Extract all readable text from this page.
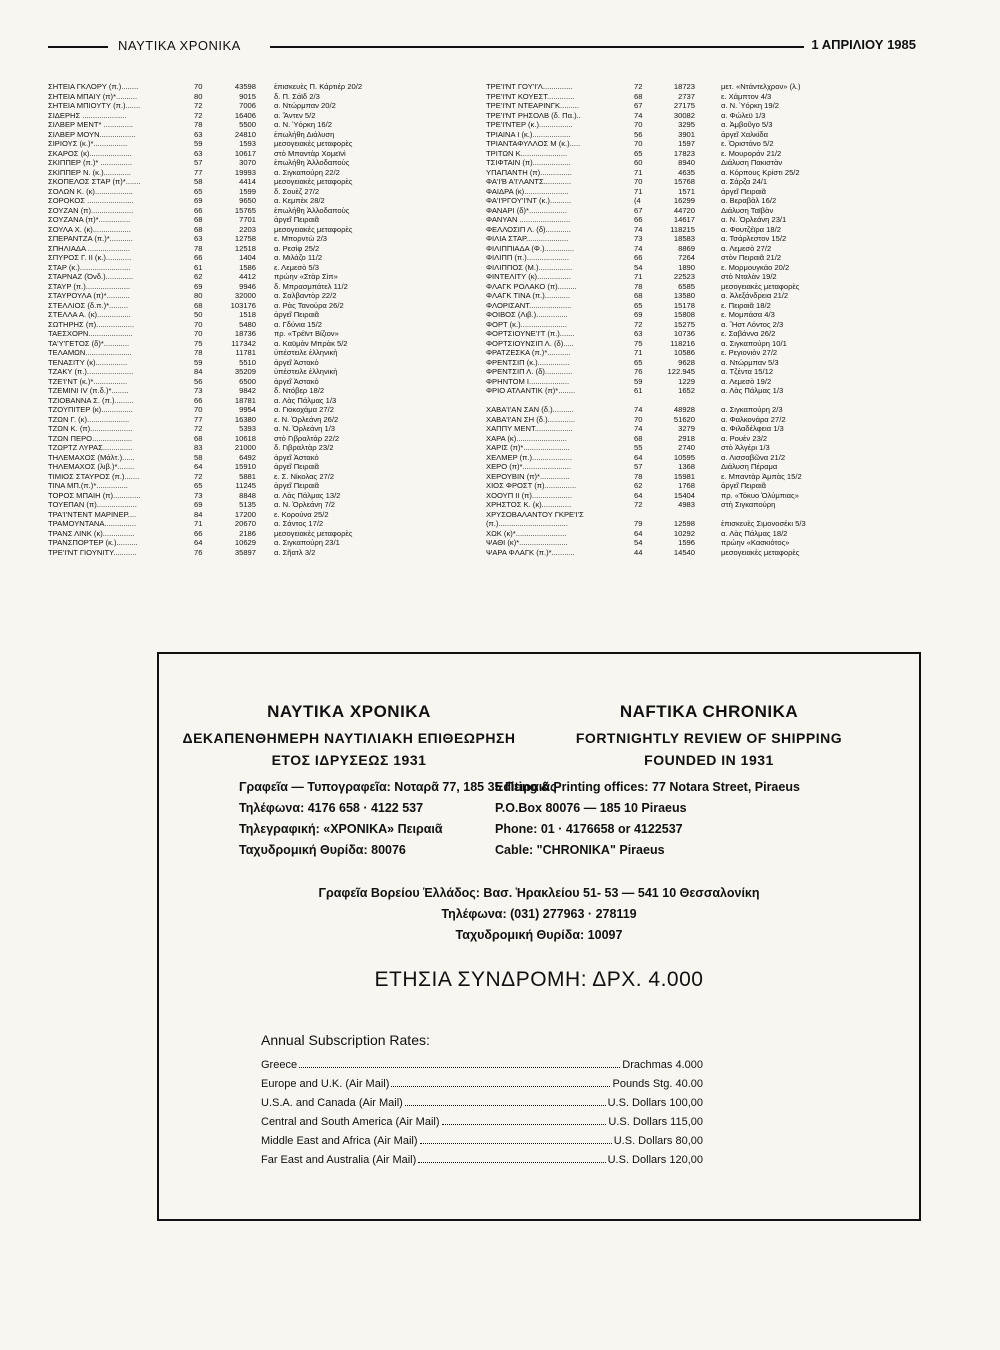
ΝΑΥΤΙΚΑ ΧΡΟΝΙΚΑ	1 ΑΠΡΙΛΙΟΥ 1985
ΣΗΤΕΙΑ ΓΚΛΟΡΥ (π.)........	70	43598 ἐπισκευὲς Π. Κάρτιέρ 20/2
ΣΗΤΕΙΑ ΜΠΑΙΥ (π)*..........	80	9015 δ. Π. Σάϊδ 2/3
ΣΗΤΕΙΑ ΜΠΙΟΥΤΥ (π.).......	72	7006 α. Ντώρμπαν 20/2
ΣΙΔΕΡΗΣ .....................	72	16406 α. Ἄντεν 5/2
ΣΙΛΒΕΡ ΜΕΝΤ* ..............	78	5500 α. Ν. Ὑόρκη 16/2
ΣΙΛΒΕΡ ΜΟΥΝ.................	63	24810 ἐπωλήθη Διάλυση
ΣΙΡΙΟΥΣ (κ.)*................	59	1593 μεσογειακὲς μεταφορὲς
ΣΚΑΡΟΣ (κ)....................	63	10617 στὸ Μπαντὰρ Χομεϊνὶ
ΣΚΙΠΠΕΡ (π.)* ...............	57	3070 ἐπωλήθη Ἀλλοδαποὺς
ΣΚΙΠΠΕΡ Ν. (κ.).............	77	19993 α. Σιγκαπούρη 22/2
ΣΚΟΠΕΛΟΣ ΣΤΑΡ (π)*.......	58	4414 μεσογειακὲς μεταφορὲς
ΣΟΛΩΝ Κ. (κ)..................	65	1599 δ. Σουὲζ 27/2
ΣΟΡΟΚΟΣ ......................	69	9650 α. Κεμπὲκ 28/2
ΣΟΥΖΑΝ (π)....................	66	15765 ἐπωλήθη Ἀλλοδαποὺς
ΣΟΥΖΑΝΑ (π)*...............	68	7701 ἀργεῖ Πειραιᾶ
ΣΟΥΛΑ Χ. (κ)..................	68	2203 μεσογειακὲς μεταφορὲς
ΣΠΕΡΑΝΤΖΑ (π.)*...........	63	12758 ε. Μπορντὼ 2/3
ΣΠΗΛΙΑΔΑ ....................	78	12518 α. Ρεσὶφ 25/2
ΣΠΥΡΟΣ Γ. ΙΙ (κ.)............	66	1404 α. Μιλάζο 11/2
ΣΤΑΡ (κ.)........................	61	1586 ε. Λεμεσὸ 5/3
ΣΤΑΡΝΑΖ (Ὀνδ.).............	62	4412 πρώην «Στὰρ Σὶπ»
ΣΤΑΥΡ (π.).....................	69	9946 δ. Μπρασμπάτελ 11/2
ΣΤΑΥΡΟΥΛΑ (π)*...........	80	32000 α. Σαλβαντὸρ 22/2
ΣΤΕΛΛΙΟΣ (δ.π.)*.........	68	103176 α. Ρὰς Τανούρα 26/2
ΣΤΕΛΛΑ Α. (κ)................	50	1518 ἀργεῖ Πειραιᾶ
ΣΩΤΗΡΗΣ (π)..................	70	5480 α. Γδύνια 15/2
ΤΑΕΣΧΟΡΝ.....................	70	18736 πρ. «Τρέϊντ Βίζιον»
ΤΑ'Υ'ΓΕΤΟΣ (δ)*............	75	117342 α. Καϋμὰν Μπρὰκ 5/2
ΤΕΛΑΜΩΝ......................	78	11781 ὑπέστειλε ἑλληνικὴ
ΤΕΝΑΣΙΤΥ (κ)...............	59	5510 ἀργεῖ Ἀστακὸ
ΤΖΑΚΥ (π.)......................	84	35209 ὑπέστειλε ἑλληνικὴ
ΤΖΕ'Ι'ΝΤ (κ.)*................	56	6500 ἀργεῖ Ἀστακὸ
ΤΖΕΜΙΝΙ ΙV (π.δ.)*........	73	9842 δ. Ντόβερ 18/2
ΤΖΙΟΒΑΝΝΑ Σ. (π.).........	66	18781 α. Λὰς Πάλμας 1/3
ΤΖΟΥΠΙΤΕΡ (κ)...............	70	9954 α. Γιοκοχάμα 27/2
ΤΖΩΝ Γ. (κ)....................	77	16380 ε. Ν. Ὀρλεάνη 26/2
ΤΖΩΝ Κ. (π)....................	72	5393 α. Ν. Ὀρλεάνη 1/3
ΤΖΩΝ ΠΕΡΟ...................	68	10618 στὸ Γιβραλτὰρ 22/2
ΤΖΩΡΤΖ ΛΥΡΑΣ..............	83	21000 δ. Γιβραλτὰρ 23/2
ΤΗΛΕΜΑΧΟΣ (Μάλτ.)......	58	6492 ἀργεῖ Ἀστακὸ
ΤΗΛΕΜΑΧΟΣ (λιβ.)*........	64	15910 ἀργεῖ Πειραιᾶ
ΤΙΜΙΟΣ ΣΤΑΥΡΟΣ (π.).......	72	5881 ε. Σ. Νίκολας 27/2
ΤΙΝΑ ΜΠ.(π.)*...............	65	11245 ἀργεῖ Πειραιᾶ
ΤΟΡΟΣ ΜΠΑΙΗ (π).............	73	8848 α. Λὰς Πάλμας 13/2
ΤΟΥΕΠΑΝ (π)...................	69	5135 α. Ν. Ὀρλεάνη 7/2
ΤΡΑ'Ι'ΝΤΕΝΤ ΜΑΡΙΝΕΡ....	84	17200 ε. Κορούνα 25/2
ΤΡΑΜΟΥΝΤΑΝΑ...............	71	20670 α. Σάντος 17/2
ΤΡΑΝΣ ΛΙΝΚ (κ)...............	66	2186 μεσογειακὲς μεταφορὲς
ΤΡΑΝΣΠΟΡΤΕΡ (κ.)..........	64	10629 α. Σιγκαπούρη 23/1
ΤΡΕ'Ι'ΝΤ ΓΙΟΥΝΙΤΥ...........	76	35897 α. Σῆατλ 3/2
ΤΡΕ'Ι'ΝΤ ΓΟΥ'Ι'Λ..............	72	18723	μετ. «Ντάντελχρον» (λ.)
ΤΡΕ'Ι'ΝΤ ΚΟΥΕΣΤ.............	68	2737	ε. Χάμπτον 4/3
ΤΡΕ'Ι'ΝΤ ΝΤΕΑΡΙΝΓΚ.........	67	27175	α. Ν. Ὑόρκη 19/2
ΤΡΕ'Ι'ΝΤ ΡΗΣΟΛΒ (δ. Πα.)..	74	30082	α. Φώλεϋ 1/3
ΤΡΕ'Ι'ΝΤΕΡ (κ.)................	70	3295	α. Ἀμβοῦγο 5/3
ΤΡΙΑΙΝΑ Ι (κ.)..................	56	3901	ἀργεῖ Χαλκίδα
ΤΡΙΑΝΤΑΦΥΛΛΟΣ Μ (κ.).....	70	1597	ε. Ὀριστάνο 5/2
ΤΡΙΤΩΝ Κ......................	65	17823	ε. Μουροράν 21/2
ΤΣΙΦΤΑΙΝ (π)..................	60	8940	Διάλυση Πακιστὰν
ΥΠΑΠΑΝΤΗ (π)...............	71	4635	α. Κόρπους Κρίστι 25/2
ΦΑ'Ι'Β Α'Ι'ΛΑΝΤΣ.............	70	15768	α. Σάρζα 24/1
ΦΑΙΔΡΑ (κ).....................	71	1571	ἀργεῖ Πειραιᾶ
ΦΑ'Ι'ΡΓΟΥ'Ι'ΝΤ (κ.)..........	(4	16299	α. Βεραβὰλ 16/2
ΦΑΝΑΡΙ (δ)*..................	67	44720	Διάλυση Ταϊβὰν
ΦΑΝΥΑΝ ........................	66	14617	α. Ν. Ὀρλεάνη 23/1
ΦΕΛΛΟΣΙΠ Λ. (δ)............	74	118215	α. Φουτζέϊρα 18/2
ΦΙΛΙΑ ΣΤΑΡ....................	73	18583	α. Τσάρλεστον 15/2
ΦΙΛΙΠΠΙΑΔΑ (Φ.)..............	74	8869	α. Λεμεσὸ 27/2
ΦΙΛΙΠΠ (π.)....................	66	7264	στὸν Πειραιᾶ 21/2
ΦΙΛΙΠΠΟΣ (Μ.)................	54	1890	ε. Μορμουγκάο 20/2
ΦΙΝΤΕΛΙΤΥ (κ)................	71	22523	στὸ Νταλὰν 19/2
ΦΛΑΓΚ ΡΟΛΑΚΟ (π).........	78	6585	μεσογειακὲς μεταφορὲς
ΦΛΑΓΚ ΤΙΝΑ (π.)............	68	13580	α. Ἀλεξάνδρεια 21/2
ΦΛΟΡΙΣΑΝΤ....................	65	15178	ε. Πειραιᾶ 18/2
ΦΟΙΒΟΣ (Λιβ.)...............	69	15808	ε. Μομπάσα 4/3
ΦΟΡΤ (κ.)......................	72	15275	α. Ἣστ Λόντος 2/3
ΦΟΡΤΣΙΟΥΝΕ'Ι'Τ (π.).......	63	10736	ε. Σαβάννα 26/2
ΦΟΡΤΣΙΟΥΝΣΙΠ Λ. (δ).....	75	118216	α. Σιγκαπούρη 10/1
ΦΡΑΤΖΕΣΚΑ (π.)*...........	71	10586	ε. Ρεγιονιὸν 27/2
ΦΡΕΝΤΣΙΠ (κ.)...............	65	9628	α. Ντώρμπαν 5/3
ΦΡΕΝΤΣΙΠ Λ. (δ).............	76	122.945	α. Τζέντα 15/12
ΦΡΗΝΤΟΜ Ι...................	59	1229	α. Λεμεσὸ 19/2
ΦΡΙΟ ΑΤΛΑΝΤΙΚ (π)*........	61	1652	α. Λὰς Πάλμας 1/3
ΧΑΒΑ'Ι'ΑΝ ΣΑΝ (δ.)..........	74	48928	α. Σιγκαπούρη 2/3
ΧΑΒΑ'Ι'ΑΝ ΣΗ (δ.).............	70	51620	α. Φαλκονάρα 27/2
ΧΑΠΠΥ ΜΕΝΤ..................	74	3279	α. Φιλαδέλφεια 1/3
ΧΑΡΑ (κ)........................	68	2918	α. Ρουὲν 23/2
ΧΑΡΙΣ (π)*......................	55	2740	στὸ Ἀλγέρι 1/3
ΧΕΛΜΕΡ (π.)...................	64	10595	α. Λισσαβῶνα 21/2
ΧΕΡΟ (π)*.......................	57	1368	Διάλυση Πέραμα
ΧΕΡΟΥΒΙΝ (π)*..............	78	15981	ε. Μπαντὰρ Ἀμπὰς 15/2
ΧΙΟΣ ΦΡΟΣΤ (π)...............	62	1768	ἀργεῖ Πειραιᾶ
ΧΟΟΥΠ ΙΙ (π)...................	64	15404	πρ. «Τόκυο Ὀλύμπιας»
ΧΡΗΣΤΟΣ Κ. (κ)..............	72	4983	στὴ Σιγκαπούρη
ΧΡΥΣΟΒΑΛΑΝΤΟΥ ΓΚΡΕ'Ι'Σ
(π.).................................	79	12598	ἐπισκευὲς Σιμονοσέκι 5/3
ΧΩΚ (κ)*........................	64	10292	α. Λὰς Πάλμας 18/2
ΨΑΘΙ (κ)*.......................	54	1596	πρώην «Κασκιότος»
ΨΑΡΑ ΦΛΑΓΚ (π.)*...........	44	14540	μεσογειακὲς μεταφορὲς
ΝΑΥΤΙΚΑ ΧΡΟΝΙΚΑ
ΔΕΚΑΠΕΝΘΗΜΕΡΗ ΝΑΥΤΙΛΙΑΚΗ ΕΠΙΘΕΩΡΗΣΗ
ΕΤΟΣ ΙΔΡΥΣΕΩΣ 1931
NAFTIKA CHRONIKA
FORTNIGHTLY REVIEW OF SHIPPING
FOUNDED IN 1931
Γραφεῖα — Τυπογραφεῖα: Νοταρᾶ 77, 185 35 Πειραιᾶς
Τηλέφωνα: 4176 658 · 4122 537
Τηλεγραφική: «ΧΡΟΝΙΚΑ» Πειραιᾶ
Ταχυδρομική Θυρίδα: 80076
Editing & Printing offices: 77 Notara Street, Piraeus
P.O.Box 80076 — 185 10 Piraeus
Phone: 01 · 4176658 or 4122537
Cable: "CHRONIKA" Piraeus
Γραφεῖα Βορείου Ἑλλάδος: Βασ. Ἡρακλείου 51- 53 — 541 10 Θεσσαλονίκη
Τηλέφωνα: (031) 277963 · 278119
Ταχυδρομική Θυρίδα: 10097
ΕΤΗΣΙΑ ΣΥΝΔΡΟΜΗ: ΔΡΧ. 4.000
Annual Subscription Rates:
Greece	Drachmas 4.000
Europe and U.K. (Air Mail)	Pounds Stg. 40.00
U.S.A. and Canada (Air Mail)	U.S. Dollars 100,00
Central and South America (Air Mail)	U.S. Dollars 115,00
Middle East and Africa (Air Mail)	U.S. Dollars 80,00
Far East and Australia (Air Mail)	U.S. Dollars 120,00
